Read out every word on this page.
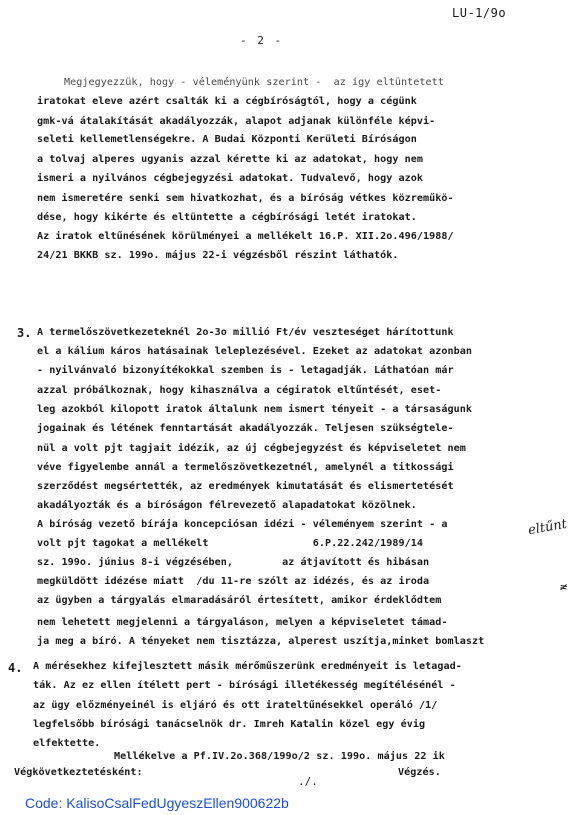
LU-1/9o
- 2 -
Megjegyezzük, hogy - véleményünk szerint -  az így eltüntetett
iratokat eleve azért csalták ki a cégbíróságtól, hogy a cégünk
gmk-vá átalakítását akadályozzák, alapot adjanak különféle képvi-
seleti kellemetlenségekre. A Budai Központi Kerületi Bíróságon
a tolvaj alperes ugyanis azzal kérette ki az adatokat, hogy nem
ismeri a nyilvános cégbejegyzési adatokat. Tudvalevő, hogy azok
nem ismeretére senki sem hivatkozhat, és a bíróság vétkes közreműkö-
dése, hogy kikérte és eltüntette a cégbírósági letét iratokat.
Az iratok eltűnésének körülményei a mellékelt 16.P. XII.2o.496/1988/
24/21 BKKB sz. 199o. május 22-i végzésből részint láthatók.
3. A termelőszövetkezeteknél 2o-3o millió Ft/év veszteséget hárítottunk
el a kálium káros hatásainak leleplezésével. Ezeket az adatokat azonban
- nyilvánvaló bizonyítékokkal szemben is - letagadják. Láthatóan már
azzal próbálkoznak, hogy kihasználva a cégiratok eltűntését, eset-
leg azokból kilopott iratok általunk nem ismert tényeit - a társaságunk
jogainak és létének fenntartását akadályozzák. Teljesen szükségtele-
nül a volt pjt tagjait idézik, az új cégbejegyzést és képviseletet nem
véve figyelembe annál a termelőszövetkezetnél, amelynél a titkossági
szerződést megsértették, az eredmények kimutatását és elismertetését
akadályozták és a bíróságon félrevezető alapadatokat közölnek.
A bíróság vezető bírája koncepciósan idézi - véleményem szerint - a
volt pjt tagokat a mellékelt                 6.P.22.242/1989/14
sz. 199o. június 8-i végzésében,        az átjavított és hibásan
megküldött idézése miatt  /du 11-re szólt az idézés, és az iroda
az ügyben a tárgyalás elmaradásáról értesített, amikor érdeklődtem
nem lehetett megjelenni a tárgyaláson, melyen a képviseletet támad-
ja meg a bíró. A tényeket nem tisztázza, alperest uszítja,minket bomlaszt
eltűnt
≠
4. A mérésekhez kifejlesztett másik mérőműszerünk eredményeit is letagad-
ták. Az ez ellen ítélett pert - bírósági illetékesség megítélésénél -
az ügy előzményeinél is eljáró és ott irateltűnésekkel operáló /1/
legfelsőbb bírósági tanácselnök dr. Imreh Katalin közel egy évig
elfektette.
Mellékelve a Pf.IV.2o.368/199o/2 sz. 199o. május 22 ik
Végkövetkeztetésként:	Végzés.
./.
Code: KalisoCsalFedUgyeszEllen900622b
